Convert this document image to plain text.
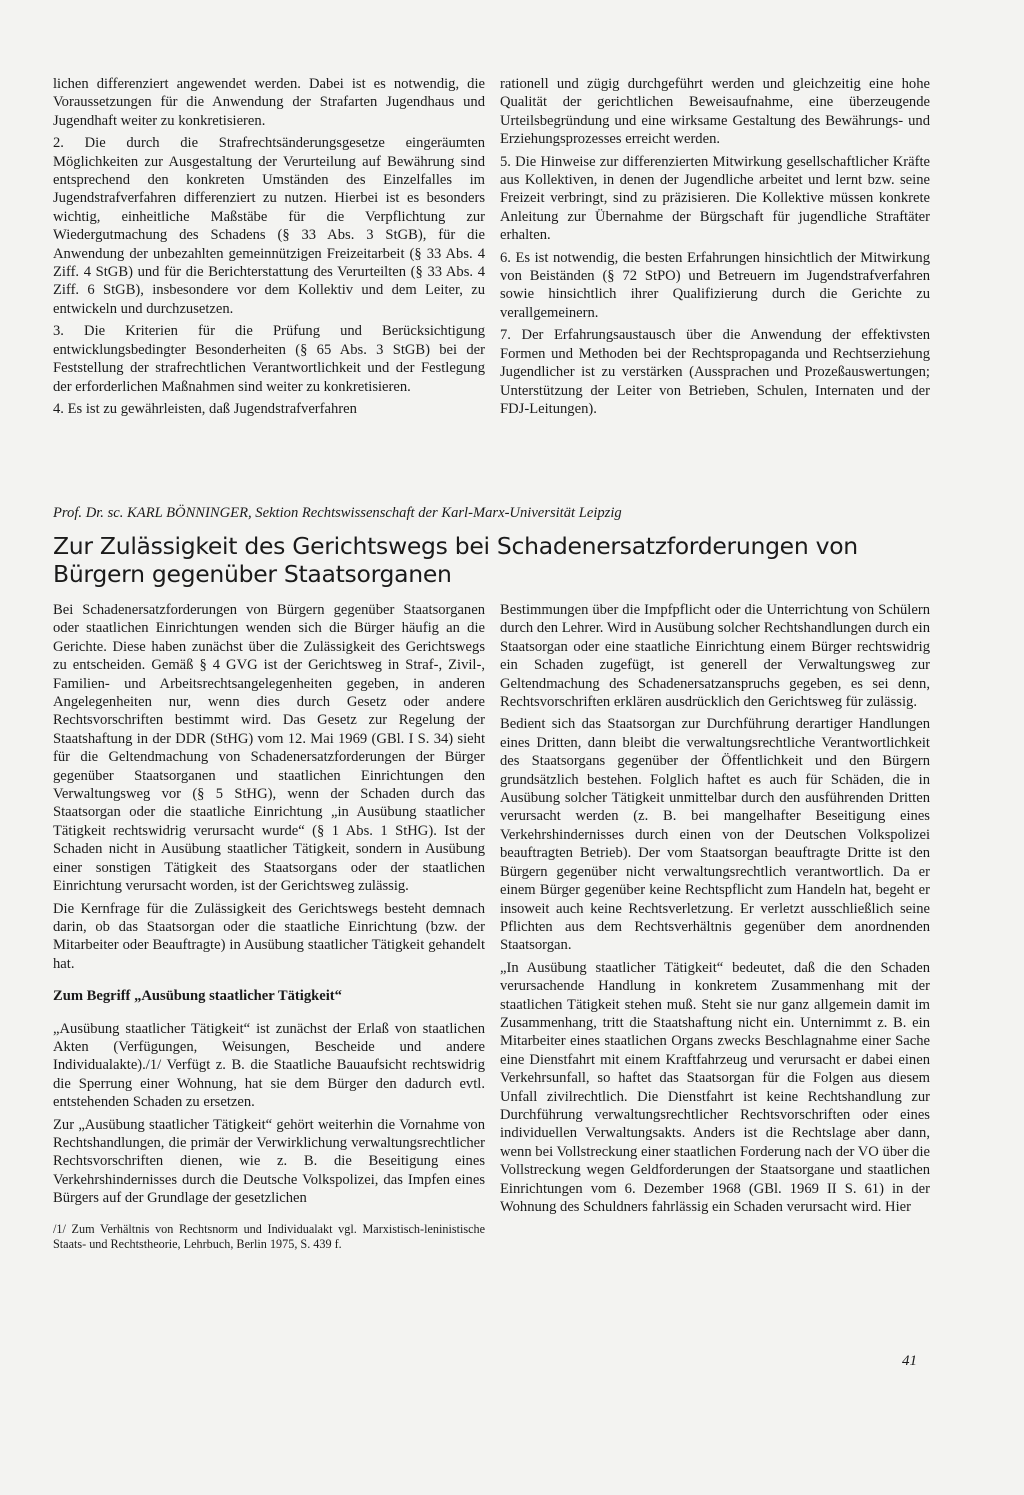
lichen differenziert angewendet werden. Dabei ist es notwendig, die Voraussetzungen für die Anwendung der Strafarten Jugendhaus und Jugendhaft weiter zu konkretisieren.

2. Die durch die Strafrechtsänderungsgesetze eingeräumten Möglichkeiten zur Ausgestaltung der Verurteilung auf Bewährung sind entsprechend den konkreten Umständen des Einzelfalles im Jugendstrafverfahren differenziert zu nutzen. Hierbei ist es besonders wichtig, einheitliche Maßstäbe für die Verpflichtung zur Wiedergutmachung des Schadens (§ 33 Abs. 3 StGB), für die Anwendung der unbezahlten gemeinnützigen Freizeitarbeit (§ 33 Abs. 4 Ziff. 4 StGB) und für die Berichterstattung des Verurteilten (§ 33 Abs. 4 Ziff. 6 StGB), insbesondere vor dem Kollektiv und dem Leiter, zu entwickeln und durchzusetzen.

3. Die Kriterien für die Prüfung und Berücksichtigung entwicklungsbedingter Besonderheiten (§ 65 Abs. 3 StGB) bei der Feststellung der strafrechtlichen Verantwortlichkeit und der Festlegung der erforderlichen Maßnahmen sind weiter zu konkretisieren.

4. Es ist zu gewährleisten, daß Jugendstrafverfahren

rationell und zügig durchgeführt werden und gleichzeitig eine hohe Qualität der gerichtlichen Beweisaufnahme, eine überzeugende Urteilsbegründung und eine wirksame Gestaltung des Bewährungs- und Erziehungsprozesses erreicht werden.

5. Die Hinweise zur differenzierten Mitwirkung gesellschaftlicher Kräfte aus Kollektiven, in denen der Jugendliche arbeitet und lernt bzw. seine Freizeit verbringt, sind zu präzisieren. Die Kollektive müssen konkrete Anleitung zur Übernahme der Bürgschaft für jugendliche Straftäter erhalten.

6. Es ist notwendig, die besten Erfahrungen hinsichtlich der Mitwirkung von Beiständen (§ 72 StPO) und Betreuern im Jugendstrafverfahren sowie hinsichtlich ihrer Qualifizierung durch die Gerichte zu verallgemeinern.

7. Der Erfahrungsaustausch über die Anwendung der effektivsten Formen und Methoden bei der Rechtspropaganda und Rechtserziehung Jugendlicher ist zu verstärken (Aussprachen und Prozeßauswertungen; Unterstützung der Leiter von Betrieben, Schulen, Internaten und der FDJ-Leitungen).

Prof. Dr. sc. KARL BÖNNINGER, Sektion Rechtswissenschaft der Karl-Marx-Universität Leipzig
Zur Zulässigkeit des Gerichtswegs bei Schadenersatzforderungen von Bürgern gegenüber Staatsorganen

Bei Schadenersatzforderungen von Bürgern gegenüber Staatsorganen oder staatlichen Einrichtungen wenden sich die Bürger häufig an die Gerichte. Diese haben zunächst über die Zulässigkeit des Gerichtswegs zu entscheiden. Gemäß § 4 GVG ist der Gerichtsweg in Straf-, Zivil-, Familien- und Arbeitsrechtsangelegenheiten gegeben, in anderen Angelegenheiten nur, wenn dies durch Gesetz oder andere Rechtsvorschriften bestimmt wird. Das Gesetz zur Regelung der Staatshaftung in der DDR (StHG) vom 12. Mai 1969 (GBl. I S. 34) sieht für die Geltendmachung von Schadenersatzforderungen der Bürger gegenüber Staatsorganen und staatlichen Einrichtungen den Verwaltungsweg vor (§ 5 StHG), wenn der Schaden durch das Staatsorgan oder die staatliche Einrichtung „in Ausübung staatlicher Tätigkeit rechtswidrig verursacht wurde“ (§ 1 Abs. 1 StHG). Ist der Schaden nicht in Ausübung staatlicher Tätigkeit, sondern in Ausübung einer sonstigen Tätigkeit des Staatsorgans oder der staatlichen Einrichtung verursacht worden, ist der Gerichtsweg zulässig.

Die Kernfrage für die Zulässigkeit des Gerichtswegs besteht demnach darin, ob das Staatsorgan oder die staatliche Einrichtung (bzw. der Mitarbeiter oder Beauftragte) in Ausübung staatlicher Tätigkeit gehandelt hat.

Zum Begriff „Ausübung staatlicher Tätigkeit“

„Ausübung staatlicher Tätigkeit“ ist zunächst der Erlaß von staatlichen Akten (Verfügungen, Weisungen, Bescheide und andere Individualakte)./1/ Verfügt z. B. die Staatliche Bauaufsicht rechtswidrig die Sperrung einer Wohnung, hat sie dem Bürger den dadurch evtl. entstehenden Schaden zu ersetzen.

Zur „Ausübung staatlicher Tätigkeit“ gehört weiterhin die Vornahme von Rechtshandlungen, die primär der Verwirklichung verwaltungsrechtlicher Rechtsvorschriften dienen, wie z. B. die Beseitigung eines Verkehrshindernisses durch die Deutsche Volkspolizei, das Impfen eines Bürgers auf der Grundlage der gesetzlichen

/1/ Zum Verhältnis von Rechtsnorm und Individualakt vgl. Marxistisch-leninistische Staats- und Rechtstheorie, Lehrbuch, Berlin 1975, S. 439 f.

Bestimmungen über die Impfpflicht oder die Unterrichtung von Schülern durch den Lehrer. Wird in Ausübung solcher Rechtshandlungen durch ein Staatsorgan oder eine staatliche Einrichtung einem Bürger rechtswidrig ein Schaden zugefügt, ist generell der Verwaltungsweg zur Geltendmachung des Schadenersatzanspruchs gegeben, es sei denn, Rechtsvorschriften erklären ausdrücklich den Gerichtsweg für zulässig.

Bedient sich das Staatsorgan zur Durchführung derartiger Handlungen eines Dritten, dann bleibt die verwaltungsrechtliche Verantwortlichkeit des Staatsorgans gegenüber der Öffentlichkeit und den Bürgern grundsätzlich bestehen. Folglich haftet es auch für Schäden, die in Ausübung solcher Tätigkeit unmittelbar durch den ausführenden Dritten verursacht werden (z. B. bei mangelhafter Beseitigung eines Verkehrshindernisses durch einen von der Deutschen Volkspolizei beauftragten Betrieb). Der vom Staatsorgan beauftragte Dritte ist den Bürgern gegenüber nicht verwaltungsrechtlich verantwortlich. Da er einem Bürger gegenüber keine Rechtspflicht zum Handeln hat, begeht er insoweit auch keine Rechtsverletzung. Er verletzt ausschließlich seine Pflichten aus dem Rechtsverhältnis gegenüber dem anordnenden Staatsorgan.

„In Ausübung staatlicher Tätigkeit“ bedeutet, daß die den Schaden verursachende Handlung in konkretem Zusammenhang mit der staatlichen Tätigkeit stehen muß. Steht sie nur ganz allgemein damit im Zusammenhang, tritt die Staatshaftung nicht ein. Unternimmt z. B. ein Mitarbeiter eines staatlichen Organs zwecks Beschlagnahme einer Sache eine Dienstfahrt mit einem Kraftfahrzeug und verursacht er dabei einen Verkehrsunfall, so haftet das Staatsorgan für die Folgen aus diesem Unfall zivilrechtlich. Die Dienstfahrt ist keine Rechtshandlung zur Durchführung verwaltungsrechtlicher Rechtsvorschriften oder eines individuellen Verwaltungsakts. Anders ist die Rechtslage aber dann, wenn bei Vollstreckung einer staatlichen Forderung nach der VO über die Vollstreckung wegen Geldforderungen der Staatsorgane und staatlichen Einrichtungen vom 6. Dezember 1968 (GBl. 1969 II S. 61) in der Wohnung des Schuldners fahrlässig ein Schaden verursacht wird. Hier

41
